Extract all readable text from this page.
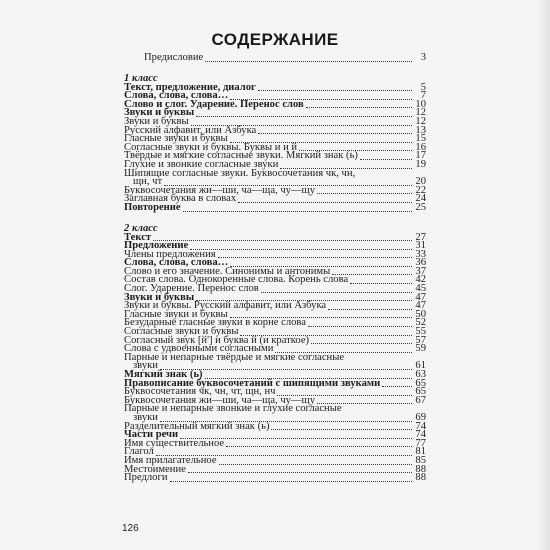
СОДЕРЖАНИЕ
Предисловие	3
1 класс
Текст, предложение, диалог	5
Слова, слова, слова…	7
Слово и слог. Ударение. Перенос слов	10
Звуки и буквы	12
Звуки и буквы	12
Русский алфавит, или Азбука	13
Гласные звуки и буквы	15
Согласные звуки и буквы. Буквы и и й	16
Твёрдые и мягкие согласные звуки. Мягкий знак (ь)	17
Глухие и звонкие согласные звуки	19
Шипящие согласные звуки. Буквосочетания чк, чн,
щн, чт	20
Буквосочетания жи—ши, ча—ща, чу—щу	22
Заглавная буква в словах	24
Повторение	25
2 класс
Текст	27
Предложение	31
Члены предложения	33
Слова, слова, слова…	36
Слово и его значение. Синонимы и антонимы	37
Состав слова. Однокоренные слова. Корень слова	42
Слог. Ударение. Перенос слов	45
Звуки и буквы	47
Звуки и буквы. Русский алфавит, или Азбука	47
Гласные звуки и буквы	50
Безударные гласные звуки в корне слова	52
Согласные звуки и буквы	55
Согласный звук [й'] и буква й (и краткое)	57
Слова с удвоенными согласными	59
Парные и непарные твёрдые и мягкие согласные
звуки	61
Мягкий знак (ь)	63
Правописание буквосочетаний с шипящими звуками	65
Буквосочетания чк, чн, чт, щн, нч	65
Буквосочетания жи—ши, ча—ща, чу—щу	67
Парные и непарные звонкие и глухие согласные
звуки	69
Разделительный мягкий знак (ь)	74
Части речи	74
Имя существительное	77
Глагол	81
Имя прилагательное	85
Местоимение	88
Предлоги	88
126
